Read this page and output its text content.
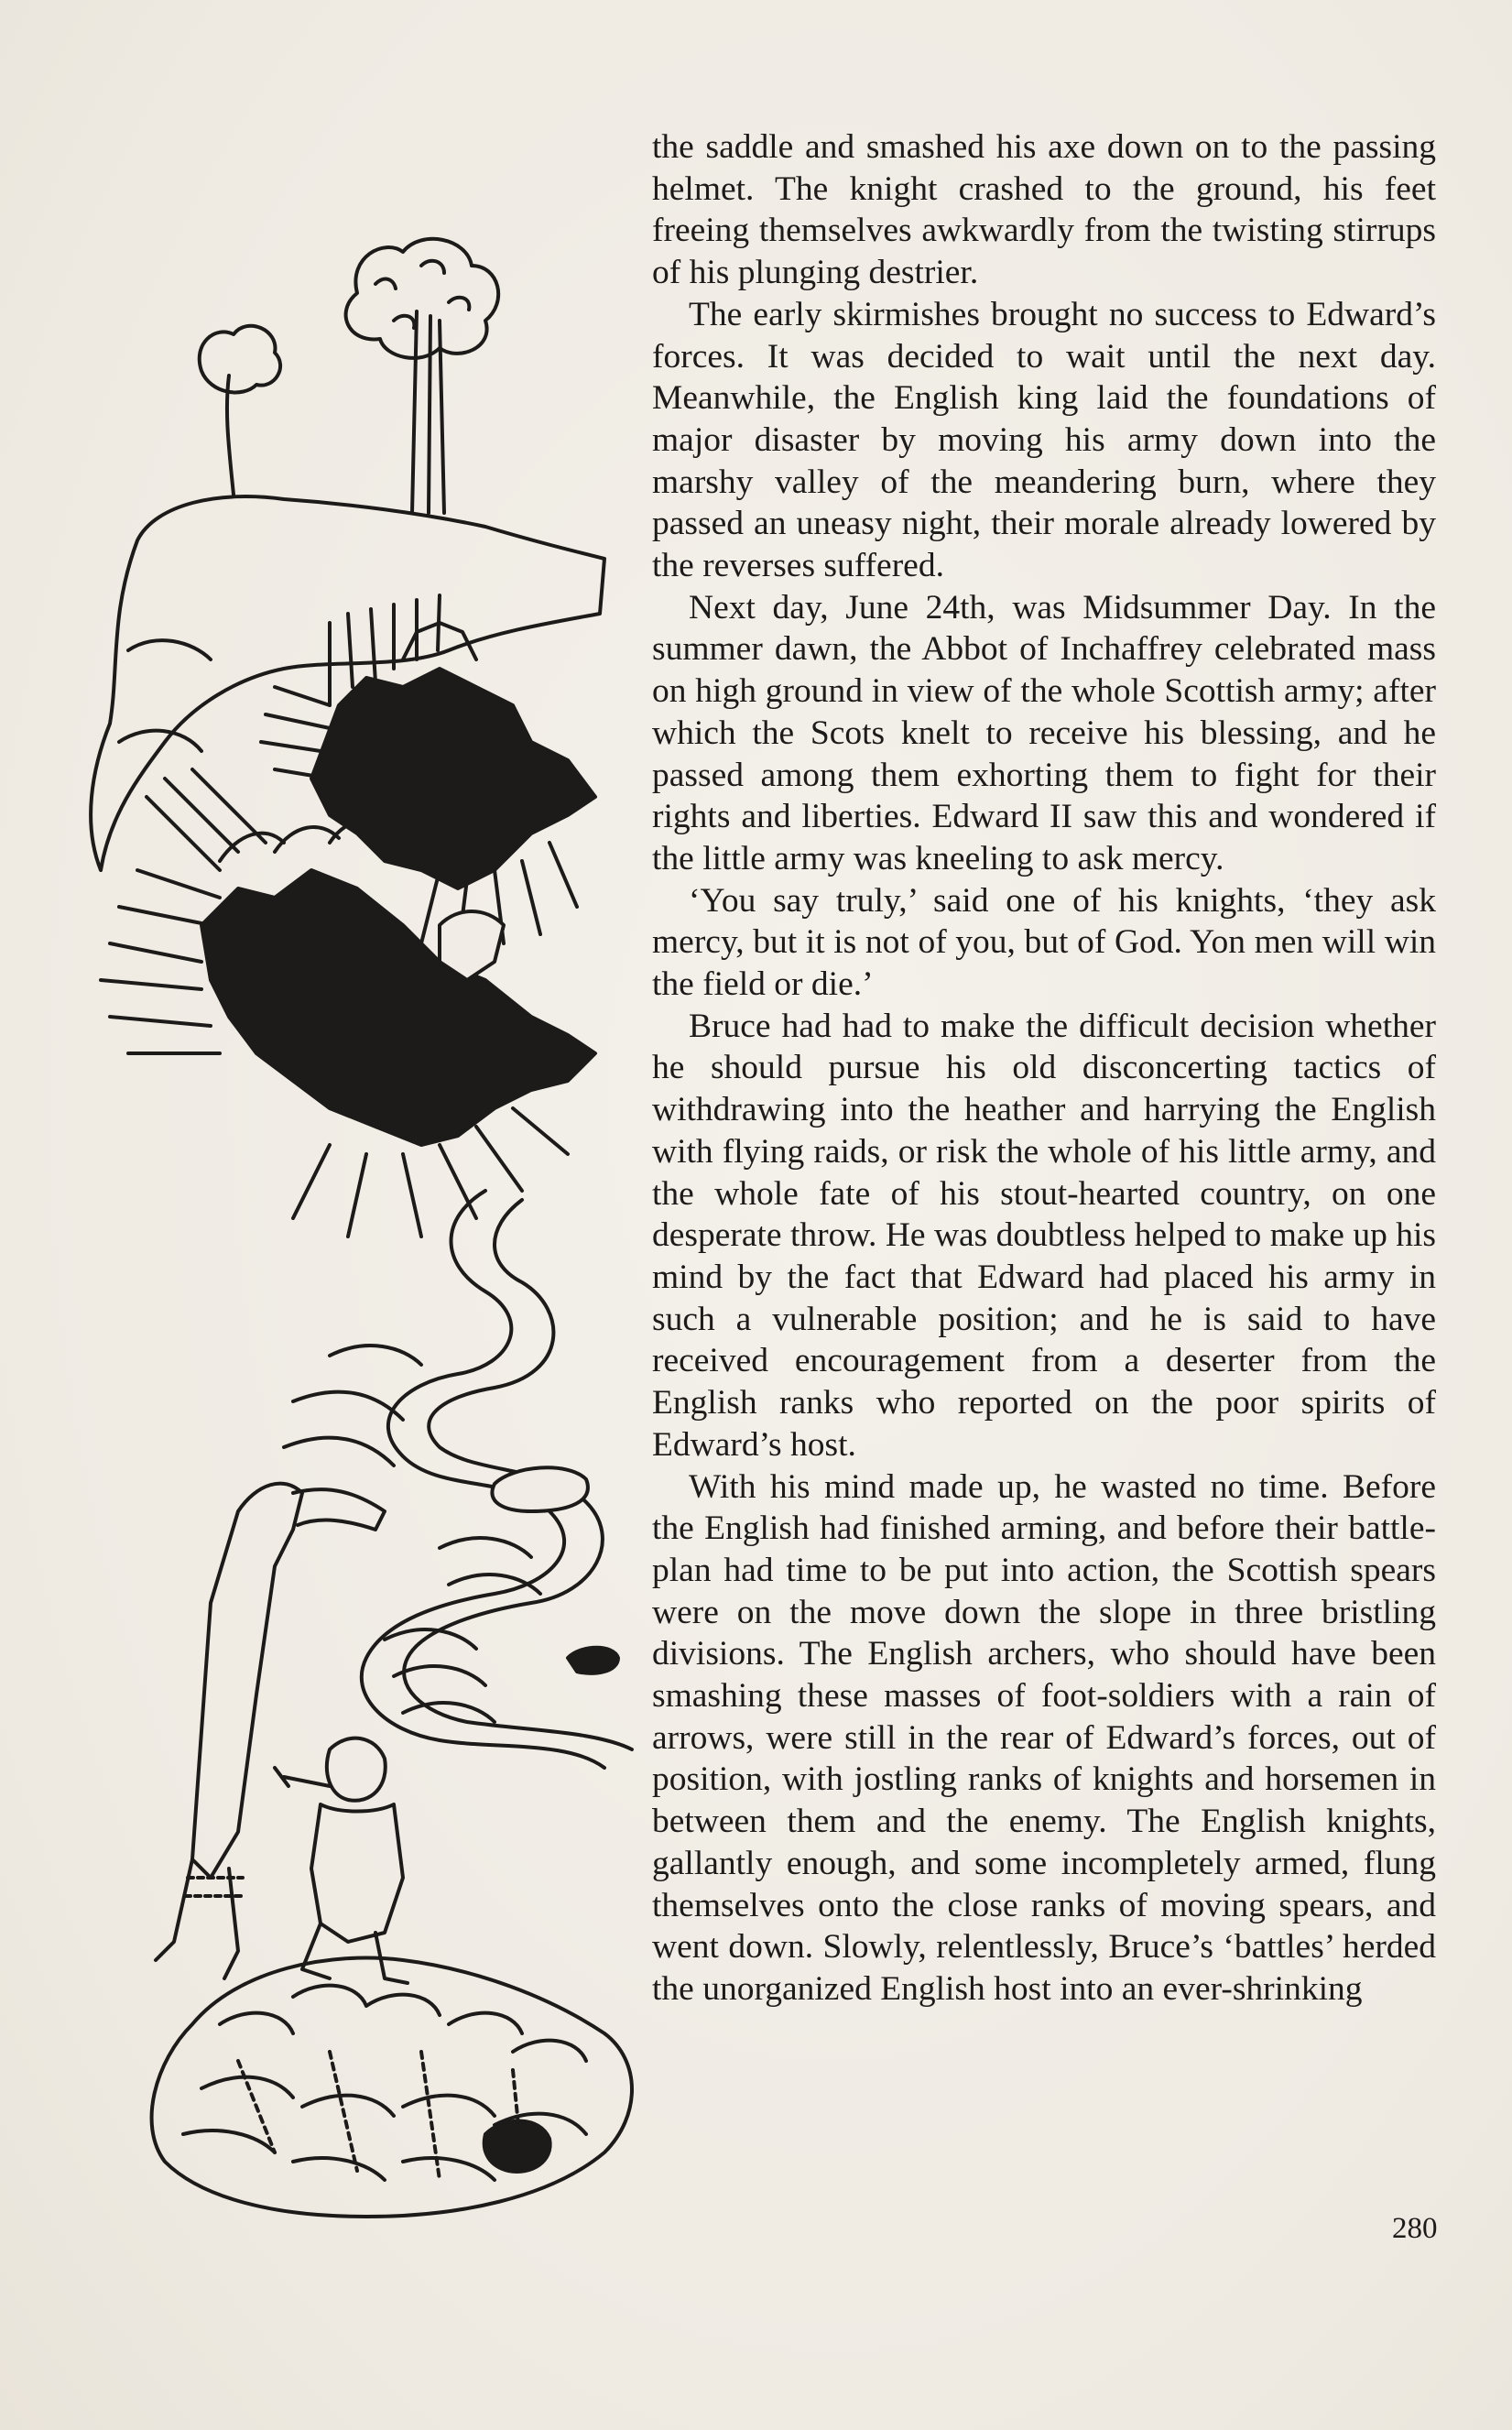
the saddle and smashed his axe down on to the passing helmet. The knight crashed to the ground, his feet freeing themselves awkwardly from the twisting stirrups of his plunging destrier.

The early skirmishes brought no success to Edward’s forces. It was decided to wait until the next day. Meanwhile, the English king laid the foundations of major disaster by moving his army down into the marshy valley of the meandering burn, where they passed an uneasy night, their morale already lowered by the reverses suffered.

Next day, June 24th, was Midsummer Day. In the summer dawn, the Abbot of Inchaffrey celebrated mass on high ground in view of the whole Scottish army; after which the Scots knelt to receive his blessing, and he passed among them exhorting them to fight for their rights and liberties. Edward II saw this and wondered if the little army was kneeling to ask mercy.

‘You say truly,’ said one of his knights, ‘they ask mercy, but it is not of you, but of God. Yon men will win the field or die.’

Bruce had had to make the difficult decision whether he should pursue his old disconcerting tactics of withdrawing into the heather and harrying the English with flying raids, or risk the whole of his little army, and the whole fate of his stout-hearted country, on one desperate throw. He was doubtless helped to make up his mind by the fact that Edward had placed his army in such a vulnerable position; and he is said to have received encouragement from a deserter from the English ranks who reported on the poor spirits of Edward’s host.

With his mind made up, he wasted no time. Before the English had finished arming, and before their battle-plan had time to be put into action, the Scottish spears were on the move down the slope in three bristling divisions. The English archers, who should have been smashing these masses of foot-soldiers with a rain of arrows, were still in the rear of Edward’s forces, out of position, with jostling ranks of knights and horsemen in between them and the enemy. The English knights, gallantly enough, and some incompletely armed, flung themselves onto the close ranks of moving spears, and went down. Slowly, relentlessly, Bruce’s ‘battles’ herded the unorganized English host into an ever-shrinking

280
